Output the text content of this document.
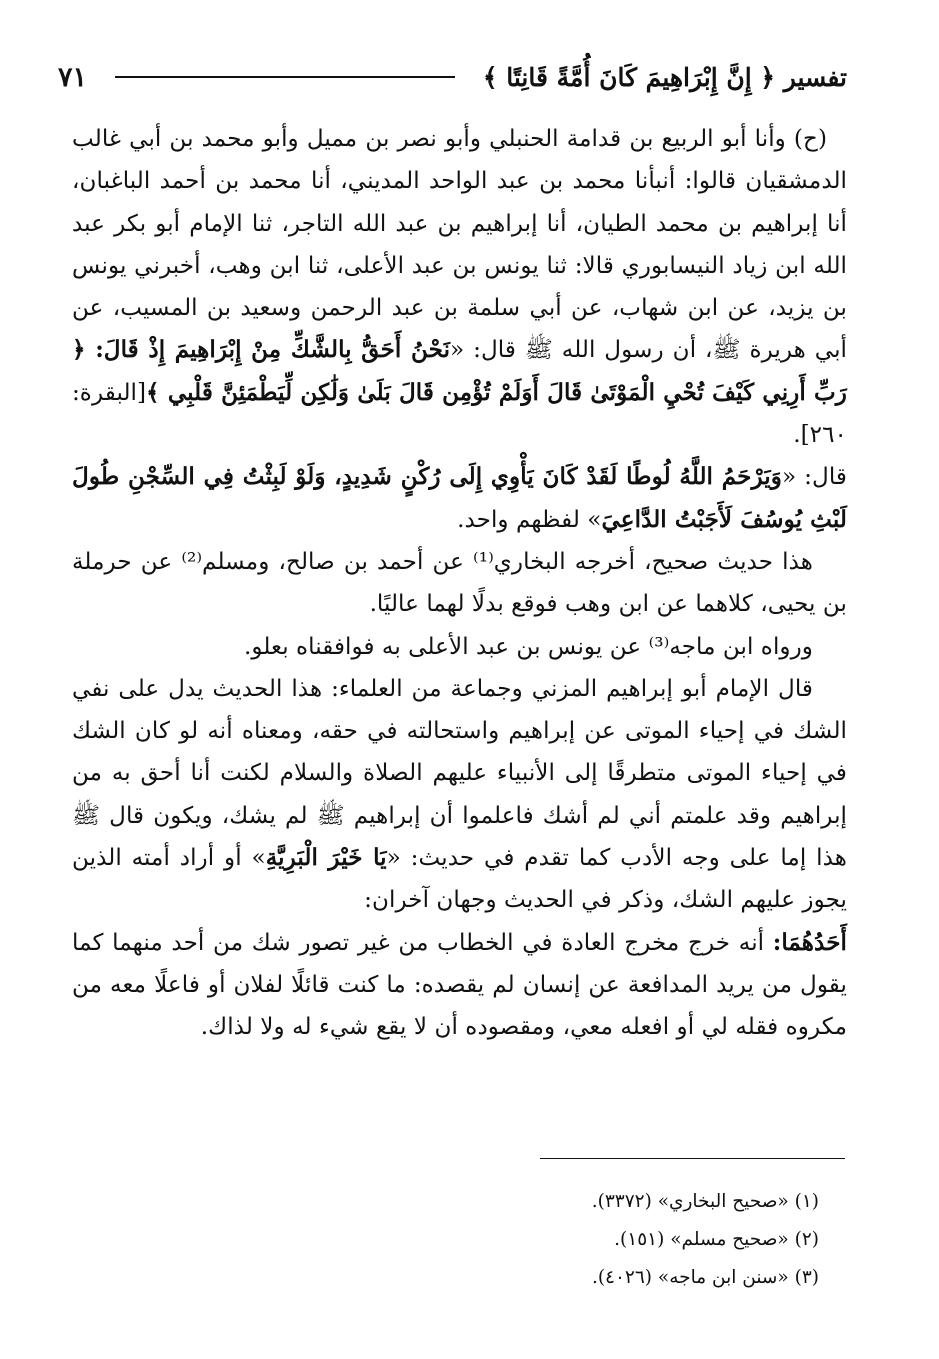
تفسير ﴿ إِنَّ إِبْرَاهِيمَ كَانَ أُمَّةً قَانِتًا ﴾
٧١

(ح) وأنا أبو الربيع بن قدامة الحنبلي وأبو نصر بن مميل وأبو محمد بن أبي غالب الدمشقيان قالوا: أنبأنا محمد بن عبد الواحد المديني، أنا محمد بن أحمد الباغبان، أنا إبراهيم بن محمد الطيان، أنا إبراهيم بن عبد الله التاجر، ثنا الإمام أبو بكر عبد الله ابن زياد النيسابوري قالا: ثنا يونس بن عبد الأعلى، ثنا ابن وهب، أخبرني يونس بن يزيد، عن ابن شهاب، عن أبي سلمة بن عبد الرحمن وسعيد بن المسيب، عن أبي هريرة ﷺ، أن رسول الله ﷺ قال: «نَحْنُ أَحَقُّ بِالشَّكِّ مِنْ إِبْرَاهِيمَ إِذْ قَالَ: ﴿ رَبِّ أَرِنِي كَيْفَ تُحْيِ الْمَوْتَىٰ قَالَ أَوَلَمْ تُؤْمِن قَالَ بَلَىٰ وَلَٰكِن لِّيَطْمَئِنَّ قَلْبِي ﴾[البقرة: ٢٦٠].

قال: «وَيَرْحَمُ اللَّهُ لُوطًا لَقَدْ كَانَ يَأْوِي إِلَى رُكْنٍ شَدِيدٍ، وَلَوْ لَبِثْتُ فِي السِّجْنِ طُولَ لَبْثِ يُوسُفَ لَأَجَبْتُ الدَّاعِيَ» لفظهم واحد.

هذا حديث صحيح، أخرجه البخاري⁽¹⁾ عن أحمد بن صالح، ومسلم⁽²⁾ عن حرملة بن يحيى، كلاهما عن ابن وهب فوقع بدلًا لهما عاليًا.

ورواه ابن ماجه⁽³⁾ عن يونس بن عبد الأعلى به فوافقناه بعلو.

قال الإمام أبو إبراهيم المزني وجماعة من العلماء: هذا الحديث يدل على نفي الشك في إحياء الموتى عن إبراهيم واستحالته في حقه، ومعناه أنه لو كان الشك في إحياء الموتى متطرقًا إلى الأنبياء عليهم الصلاة والسلام لكنت أنا أحق به من إبراهيم وقد علمتم أني لم أشك فاعلموا أن إبراهيم ﷺ لم يشك، ويكون قال ﷺ هذا إما على وجه الأدب كما تقدم في حديث: «يَا خَيْرَ الْبَرِيَّةِ» أو أراد أمته الذين يجوز عليهم الشك، وذكر في الحديث وجهان آخران:

أَحَدُهُمَا: أنه خرج مخرج العادة في الخطاب من غير تصور شك من أحد منهما كما يقول من يريد المدافعة عن إنسان لم يقصده: ما كنت قائلًا لفلان أو فاعلًا معه من مكروه فقله لي أو افعله معي، ومقصوده أن لا يقع شيء له ولا لذاك.

(١) «صحيح البخاري» (٣٣٧٢).

(٢) «صحيح مسلم» (١٥١).

(٣) «سنن ابن ماجه» (٤٠٢٦).
